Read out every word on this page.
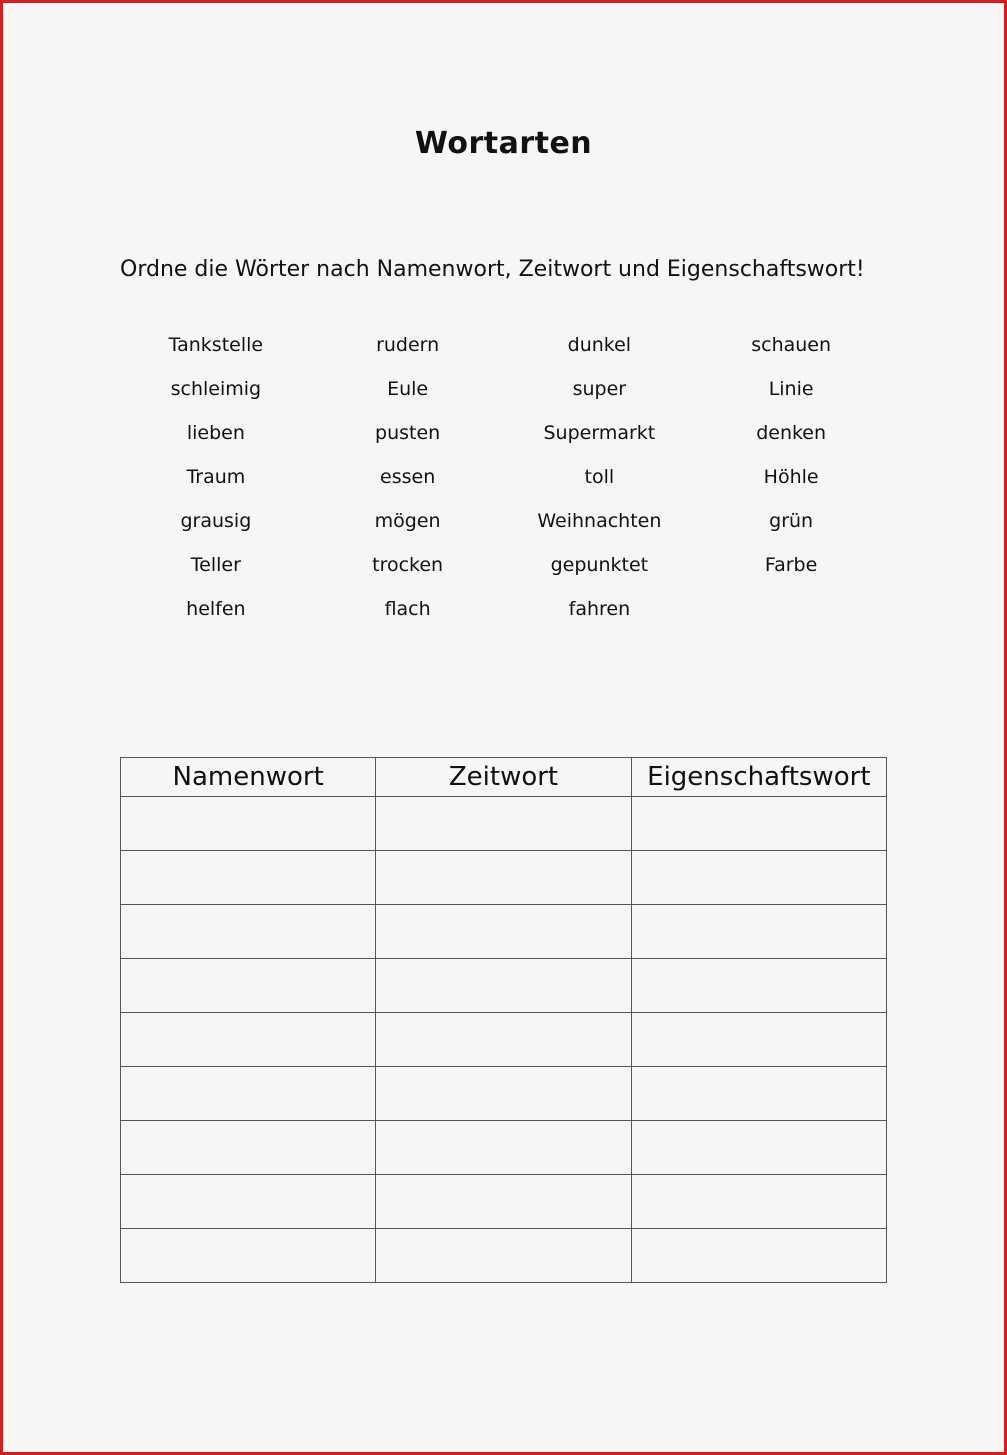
Wortarten
Ordne die Wörter nach Namenwort, Zeitwort und Eigenschaftswort!
Tankstelle	rudern	dunkel	schauen
schleimig	Eule	super	Linie
lieben	pusten	Supermarkt	denken
Traum	essen	toll	Höhle
grausig	mögen	Weihnachten	grün
Teller	trocken	gepunktet	Farbe
helfen	flach	fahren
Namenwort	Zeitwort	Eigenschaftswort
